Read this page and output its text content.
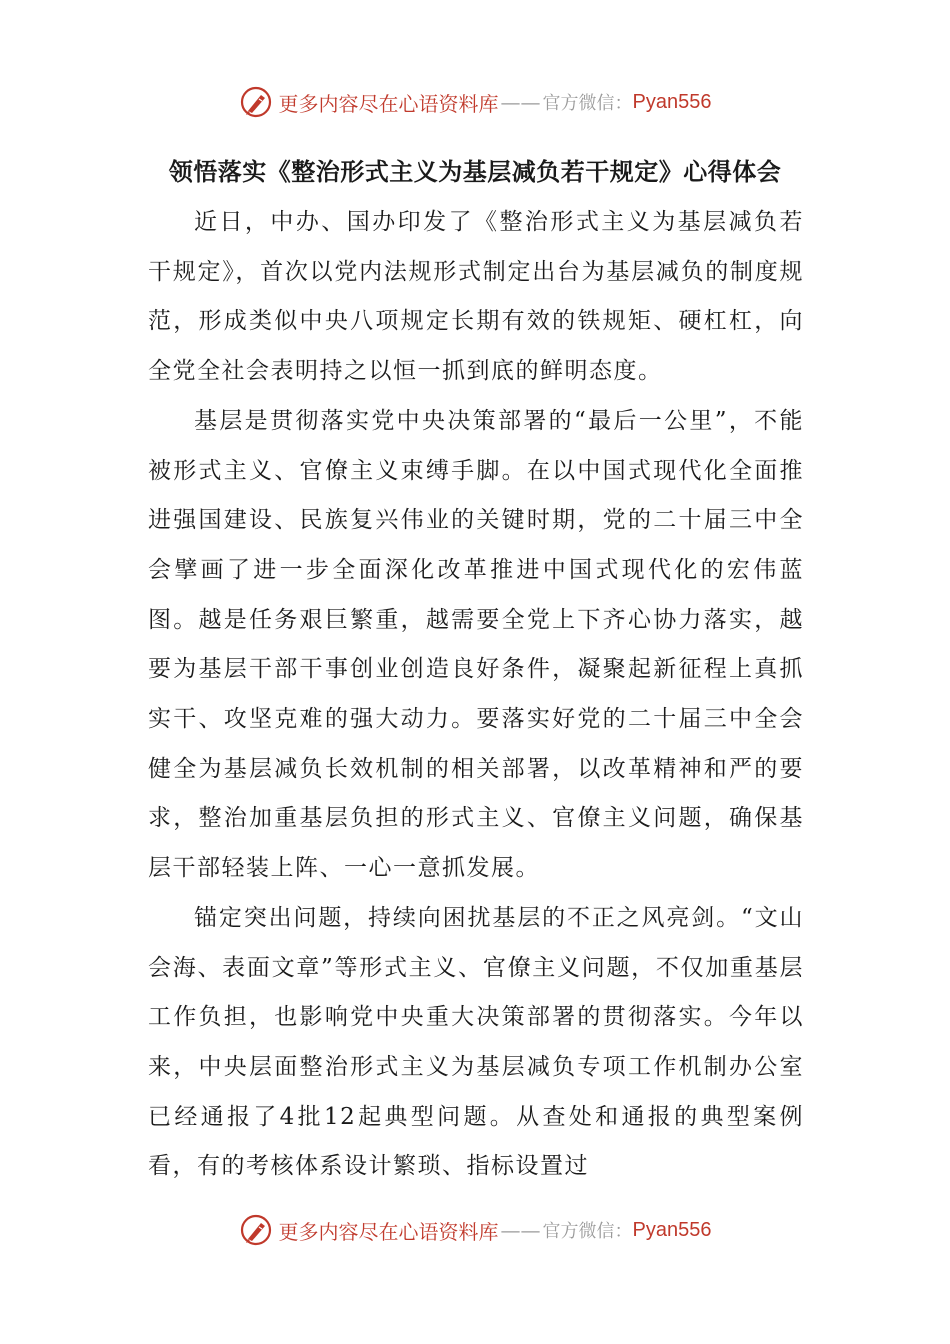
更多内容尽在心语资料库 —— 官方微信： Pyan556
领悟落实《整治形式主义为基层减负若干规定》心得体会

近日，中办、国办印发了《整治形式主义为基层减负若干规定》，首次以党内法规形式制定出台为基层减负的制度规范，形成类似中央八项规定长期有效的铁规矩、硬杠杠，向全党全社会表明持之以恒一抓到底的鲜明态度。

基层是贯彻落实党中央决策部署的“最后一公里”，不能被形式主义、官僚主义束缚手脚。在以中国式现代化全面推进强国建设、民族复兴伟业的关键时期，党的二十届三中全会擘画了进一步全面深化改革推进中国式现代化的宏伟蓝图。越是任务艰巨繁重，越需要全党上下齐心协力落实，越要为基层干部干事创业创造良好条件，凝聚起新征程上真抓实干、攻坚克难的强大动力。要落实好党的二十届三中全会健全为基层减负长效机制的相关部署，以改革精神和严的要求，整治加重基层负担的形式主义、官僚主义问题，确保基层干部轻装上阵、一心一意抓发展。

锚定突出问题，持续向困扰基层的不正之风亮剑。“文山会海、表面文章”等形式主义、官僚主义问题，不仅加重基层工作负担，也影响党中央重大决策部署的贯彻落实。今年以来，中央层面整治形式主义为基层减负专项工作机制办公室已经通报了4批12起典型问题。从查处和通报的典型案例看，有的考核体系设计繁琐、指标设置过

更多内容尽在心语资料库 —— 官方微信： Pyan556
